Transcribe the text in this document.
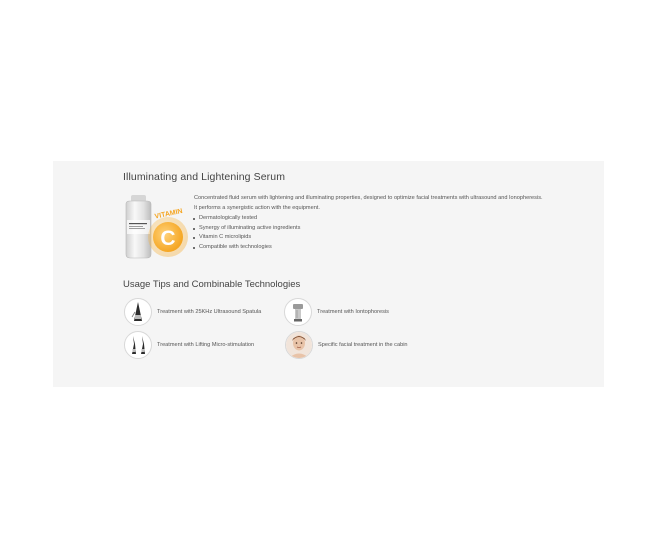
Illuminating and Lightening Serum
C
VITAMIN

Concentrated fluid serum with lightening and illuminating properties, designed to optimize facial treatments with ultrasound and Ionopheresis.

It performs a synergistic action with the equipment.

Dermatologically tested
Synergy of illuminating active ingredients
Vitamin C microlipids
Compatible with technologies
Usage Tips and Combinable Technologies
Treatment with 25KHz Ultrasound Spatula	Treatment with Iontophoresis
Treatment with Lifting Micro-stimulation	Specific facial treatment in the cabin
